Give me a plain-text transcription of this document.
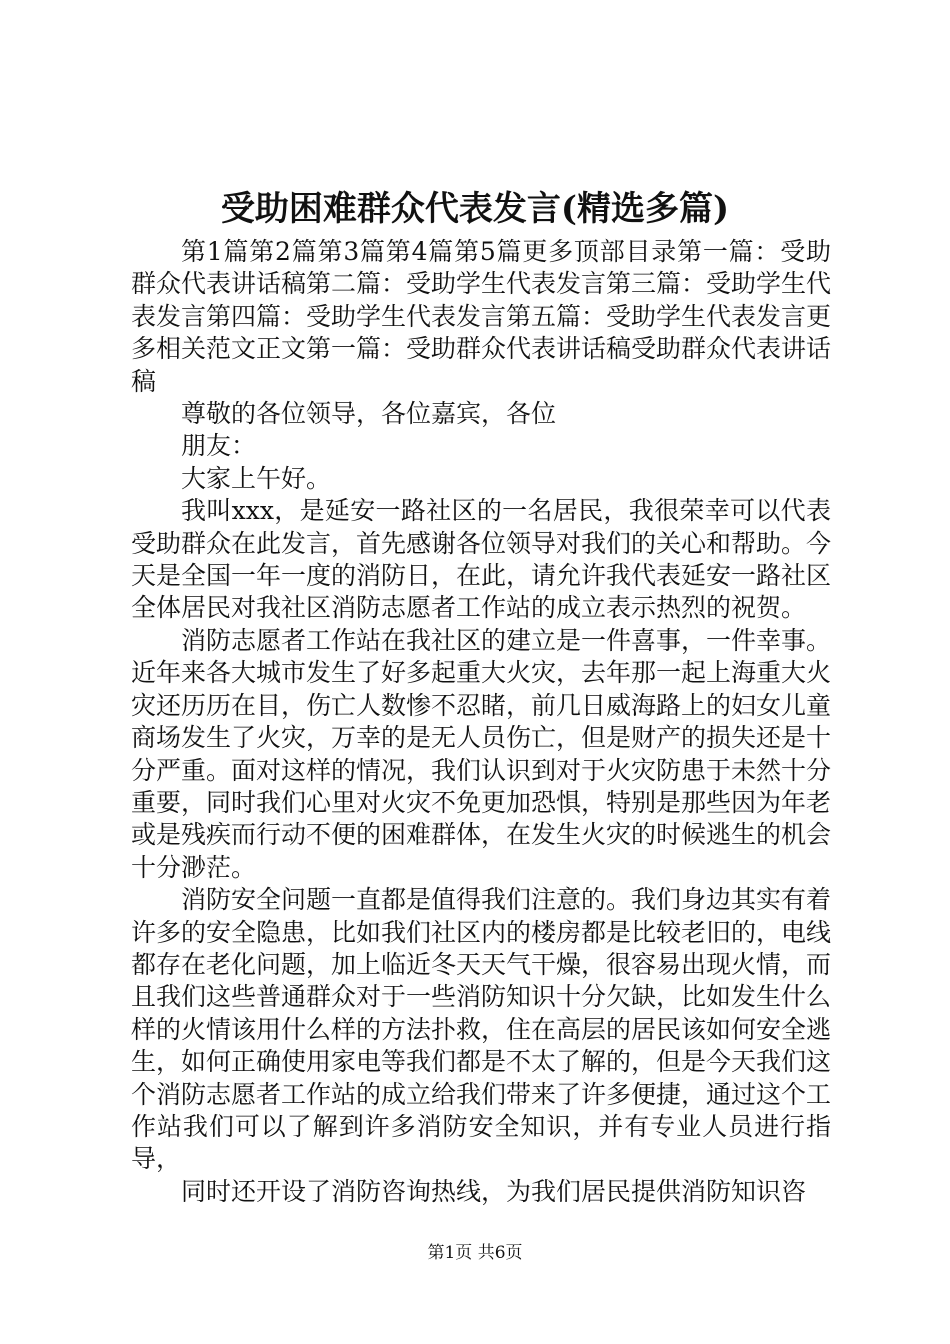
受助困难群众代表发言(精选多篇)

第1篇第2篇第3篇第4篇第5篇更多顶部目录第一篇：受助群众代表讲话稿第二篇：受助学生代表发言第三篇：受助学生代表发言第四篇：受助学生代表发言第五篇：受助学生代表发言更多相关范文正文第一篇：受助群众代表讲话稿受助群众代表讲话稿

尊敬的各位领导，各位嘉宾，各位

朋友：

大家上午好。

我叫xxx，是延安一路社区的一名居民，我很荣幸可以代表受助群众在此发言，首先感谢各位领导对我们的关心和帮助。今天是全国一年一度的消防日，在此，请允许我代表延安一路社区全体居民对我社区消防志愿者工作站的成立表示热烈的祝贺。

消防志愿者工作站在我社区的建立是一件喜事，一件幸事。近年来各大城市发生了好多起重大火灾，去年那一起上海重大火灾还历历在目，伤亡人数惨不忍睹，前几日威海路上的妇女儿童商场发生了火灾，万幸的是无人员伤亡，但是财产的损失还是十分严重。面对这样的情况，我们认识到对于火灾防患于未然十分重要，同时我们心里对火灾不免更加恐惧，特别是那些因为年老或是残疾而行动不便的困难群体，在发生火灾的时候逃生的机会十分渺茫。

消防安全问题一直都是值得我们注意的。我们身边其实有着许多的安全隐患，比如我们社区内的楼房都是比较老旧的，电线都存在老化问题，加上临近冬天天气干燥，很容易出现火情，而且我们这些普通群众对于一些消防知识十分欠缺，比如发生什么样的火情该用什么样的方法扑救，住在高层的居民该如何安全逃生，如何正确使用家电等我们都是不太了解的，但是今天我们这个消防志愿者工作站的成立给我们带来了许多便捷，通过这个工作站我们可以了解到许多消防安全知识，并有专业人员进行指导，

同时还开设了消防咨询热线，为我们居民提供消防知识咨

第1页 共6页
